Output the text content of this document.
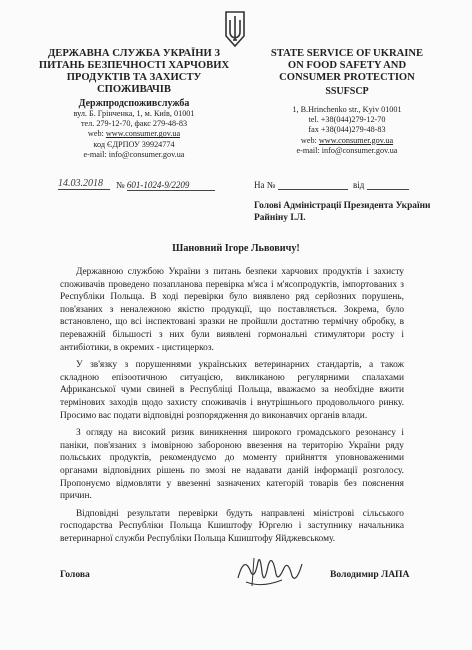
ДЕРЖАВНА СЛУЖБА УКРАЇНИ З ПИТАНЬ БЕЗПЕЧНОСТІ ХАРЧОВИХ ПРОДУКТІВ ТА ЗАХИСТУ СПОЖИВАЧІВ
Держпродспоживслужба
вул. Б. Грінченка, 1, м. Київ, 01001
тел. 279-12-70, факс 279-48-83
web: www.consumer.gov.ua
код ЄДРПОУ 39924774
e-mail: info@consumer.gov.ua
STATE SERVICE OF UKRAINE ON FOOD SAFETY AND CONSUMER PROTECTION
SSUFSCP
1, B.Hrinchenko str., Kyiv 01001
tel. +38(044)279-12-70
fax +38(044)279-48-83
web: www.consumer.gov.ua
e-mail: info@consumer.gov.ua
14.03.2018	№ 601-1024-9/2209	На №	від
Голові Адміністрації Президента України Райнiну І.Л.
Шановний Ігоре Львовичу!

Державною службою України з питань безпеки харчових продуктів і захисту споживачів проведено позапланова перевірка м'яса і м'ясопродуктів, імпортованих з Республіки Польща. В ході перевірки було виявлено ряд серйозних порушень, пов'язаних з неналежною якістю продукції, що поставляється. Зокрема, було встановлено, що всі інспектовані зразки не пройшли достатню термічну обробку, в переважній більшості з них були виявлені гормональні стимулятори росту і антибіотики, в окремих - цистицеркоз.

У зв'язку з порушеннями українських ветеринарних стандартів, а також складною епізоотичною ситуацією, викликаною регулярними спалахами Африканської чуми свиней в Республіці Польща, вважаємо за необхідне вжити термінових заходів щодо захисту споживачів і внутрішнього продовольчого ринку. Просимо вас подати відповідні розпорядження до виконавчих органів влади.

З огляду на високий ризик виникнення широкого громадського резонансу і паніки, пов'язаних з імовірною забороною ввезення на територію України ряду польських продуктів, рекомендуємо до моменту прийняття уповноваженими органами відповідних рішень по змозі не надавати даній інформації розголосу. Пропонуємо відмовляти у ввезенні зазначених категорій товарів без пояснення причин.

Відповідні результати перевірки будуть направлені міністрові сільського господарства Республіки Польща Кшиштофу Юргелю і заступнику начальника ветеринарної служби Республіки Польща Кшиштофу Яйджевському.

Голова	Володимир ЛАПА
